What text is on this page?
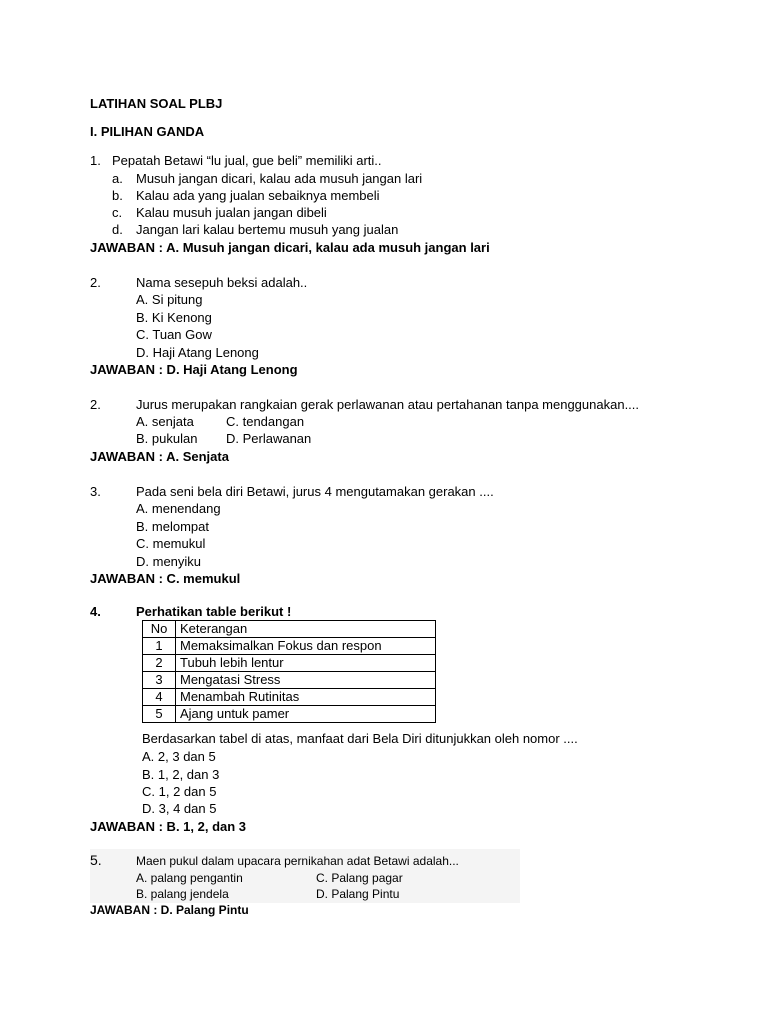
LATIHAN SOAL PLBJ
I. PILIHAN GANDA
1. Pepatah Betawi “lu jual, gue beli” memiliki arti..
a. Musuh jangan dicari, kalau ada musuh jangan lari
b. Kalau ada yang jualan sebaiknya membeli
c. Kalau musuh jualan jangan dibeli
d. Jangan lari kalau bertemu musuh yang jualan
JAWABAN : A. Musuh jangan dicari, kalau ada musuh jangan lari
2.	Nama sesepuh beksi adalah..
A. Si pitung
B. Ki Kenong
C. Tuan Gow
D. Haji Atang Lenong
JAWABAN : D. Haji Atang Lenong
2.	Jurus merupakan rangkaian gerak perlawanan atau pertahanan tanpa menggunakan....
A. senjata C. tendangan
B. pukulan D. Perlawanan
JAWABAN : A. Senjata
3.	Pada seni bela diri Betawi, jurus 4 mengutamakan gerakan ....
A. menendang
B. melompat
C. memukul
D. menyiku
JAWABAN : C. memukul
4.	Perhatikan table berikut !
No	Keterangan
1	Memaksimalkan Fokus dan respon
2	Tubuh lebih lentur
3	Mengatasi Stress
4	Menambah Rutinitas
5	Ajang untuk pamer
Berdasarkan tabel di atas, manfaat dari Bela Diri ditunjukkan oleh nomor ....
A. 2, 3 dan 5
B. 1, 2, dan 3
C. 1, 2 dan 5
D. 3, 4 dan 5
JAWABAN : B. 1, 2, dan 3
5.	Maen pukul dalam upacara pernikahan adat Betawi adalah...
A. palang pengantin	C. Palang pagar
B. palang jendela	D. Palang Pintu
JAWABAN : D. Palang Pintu
